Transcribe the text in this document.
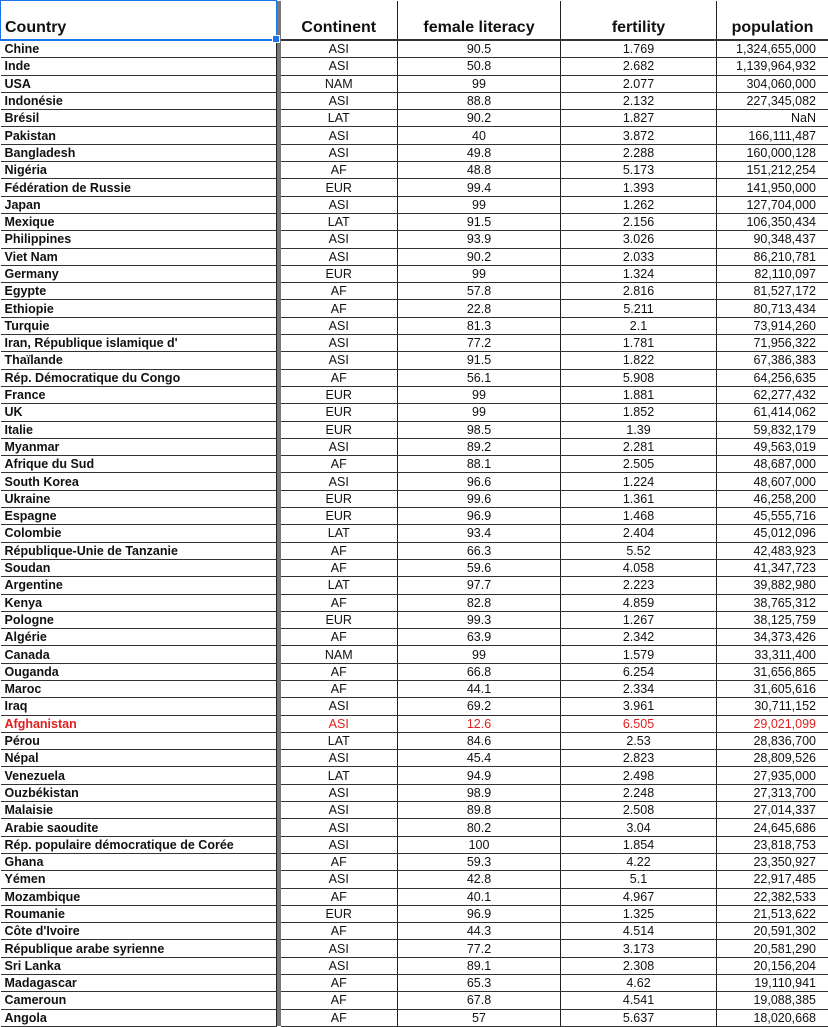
Country		Continent	female literacy	fertility	population
Chine		ASI	90.5	1.769	1,324,655,000
Inde		ASI	50.8	2.682	1,139,964,932
USA		NAM	99	2.077	304,060,000
Indonésie		ASI	88.8	2.132	227,345,082
Brésil		LAT	90.2	1.827	NaN
Pakistan		ASI	40	3.872	166,111,487
Bangladesh		ASI	49.8	2.288	160,000,128
Nigéria		AF	48.8	5.173	151,212,254
Fédération de Russie		EUR	99.4	1.393	141,950,000
Japan		ASI	99	1.262	127,704,000
Mexique		LAT	91.5	2.156	106,350,434
Philippines		ASI	93.9	3.026	90,348,437
Viet Nam		ASI	90.2	2.033	86,210,781
Germany		EUR	99	1.324	82,110,097
Egypte		AF	57.8	2.816	81,527,172
Ethiopie		AF	22.8	5.211	80,713,434
Turquie		ASI	81.3	2.1	73,914,260
Iran, République islamique d'		ASI	77.2	1.781	71,956,322
Thaïlande		ASI	91.5	1.822	67,386,383
Rép. Démocratique du Congo		AF	56.1	5.908	64,256,635
France		EUR	99	1.881	62,277,432
UK		EUR	99	1.852	61,414,062
Italie		EUR	98.5	1.39	59,832,179
Myanmar		ASI	89.2	2.281	49,563,019
Afrique du Sud		AF	88.1	2.505	48,687,000
South Korea		ASI	96.6	1.224	48,607,000
Ukraine		EUR	99.6	1.361	46,258,200
Espagne		EUR	96.9	1.468	45,555,716
Colombie		LAT	93.4	2.404	45,012,096
République-Unie de Tanzanie		AF	66.3	5.52	42,483,923
Soudan		AF	59.6	4.058	41,347,723
Argentine		LAT	97.7	2.223	39,882,980
Kenya		AF	82.8	4.859	38,765,312
Pologne		EUR	99.3	1.267	38,125,759
Algérie		AF	63.9	2.342	34,373,426
Canada		NAM	99	1.579	33,311,400
Ouganda		AF	66.8	6.254	31,656,865
Maroc		AF	44.1	2.334	31,605,616
Iraq		ASI	69.2	3.961	30,711,152
Afghanistan		ASI	12.6	6.505	29,021,099
Pérou		LAT	84.6	2.53	28,836,700
Népal		ASI	45.4	2.823	28,809,526
Venezuela		LAT	94.9	2.498	27,935,000
Ouzbékistan		ASI	98.9	2.248	27,313,700
Malaisie		ASI	89.8	2.508	27,014,337
Arabie saoudite		ASI	80.2	3.04	24,645,686
Rép. populaire démocratique de Corée		ASI	100	1.854	23,818,753
Ghana		AF	59.3	4.22	23,350,927
Yémen		ASI	42.8	5.1	22,917,485
Mozambique		AF	40.1	4.967	22,382,533
Roumanie		EUR	96.9	1.325	21,513,622
Côte d'Ivoire		AF	44.3	4.514	20,591,302
République arabe syrienne		ASI	77.2	3.173	20,581,290
Sri Lanka		ASI	89.1	2.308	20,156,204
Madagascar		AF	65.3	4.62	19,110,941
Cameroun		AF	67.8	4.541	19,088,385
Angola		AF	57	5.637	18,020,668
